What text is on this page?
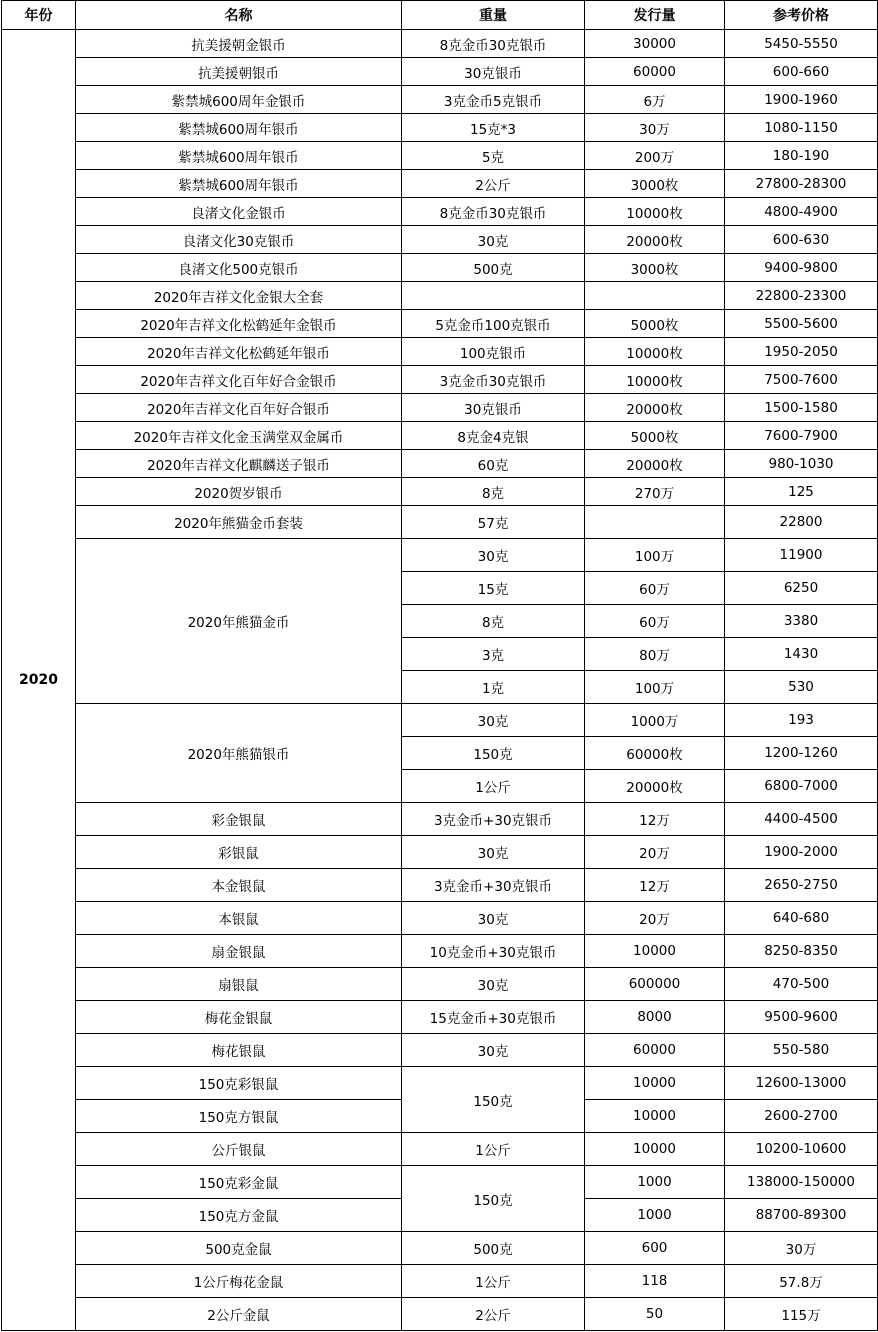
年份	名称	重量	发行量	参考价格
2020	抗美援朝金银币	8克金币30克银币	30000	5450-5550
	抗美援朝银币	30克银币	60000	600-660
	紫禁城600周年金银币	3克金币5克银币	6万	1900-1960
	紫禁城600周年银币	15克*3	30万	1080-1150
	紫禁城600周年银币	5克	200万	180-190
	紫禁城600周年银币	2公斤	3000枚	27800-28300
	良渚文化金银币	8克金币30克银币	10000枚	4800-4900
	良渚文化30克银币	30克	20000枚	600-630
	良渚文化500克银币	500克	3000枚	9400-9800
	2020年吉祥文化金银大全套			22800-23300
	2020年吉祥文化松鹤延年金银币	5克金币100克银币	5000枚	5500-5600
	2020年吉祥文化松鹤延年银币	100克银币	10000枚	1950-2050
	2020年吉祥文化百年好合金银币	3克金币30克银币	10000枚	7500-7600
	2020年吉祥文化百年好合银币	30克银币	20000枚	1500-1580
	2020年吉祥文化金玉满堂双金属币	8克金4克银	5000枚	7600-7900
	2020年吉祥文化麒麟送子银币	60克	20000枚	980-1030
	2020贺岁银币	8克	270万	125
	2020年熊猫金币套装	57克		22800
	2020年熊猫金币	30克	100万	11900
		15克	60万	6250
		8克	60万	3380
		3克	80万	1430
		1克	100万	530
	2020年熊猫银币	30克	1000万	193
		150克	60000枚	1200-1260
		1公斤	20000枚	6800-7000
	彩金银鼠	3克金币+30克银币	12万	4400-4500
	彩银鼠	30克	20万	1900-2000
	本金银鼠	3克金币+30克银币	12万	2650-2750
	本银鼠	30克	20万	640-680
	扇金银鼠	10克金币+30克银币	10000	8250-8350
	扇银鼠	30克	600000	470-500
	梅花金银鼠	15克金币+30克银币	8000	9500-9600
	梅花银鼠	30克	60000	550-580
	150克彩银鼠	150克	10000	12600-13000
	150克方银鼠		10000	2600-2700
	公斤银鼠	1公斤	10000	10200-10600
	150克彩金鼠	150克	1000	138000-150000
	150克方金鼠		1000	88700-89300
	500克金鼠	500克	600	30万
	1公斤梅花金鼠	1公斤	118	57.8万
	2公斤金鼠	2公斤	50	115万
